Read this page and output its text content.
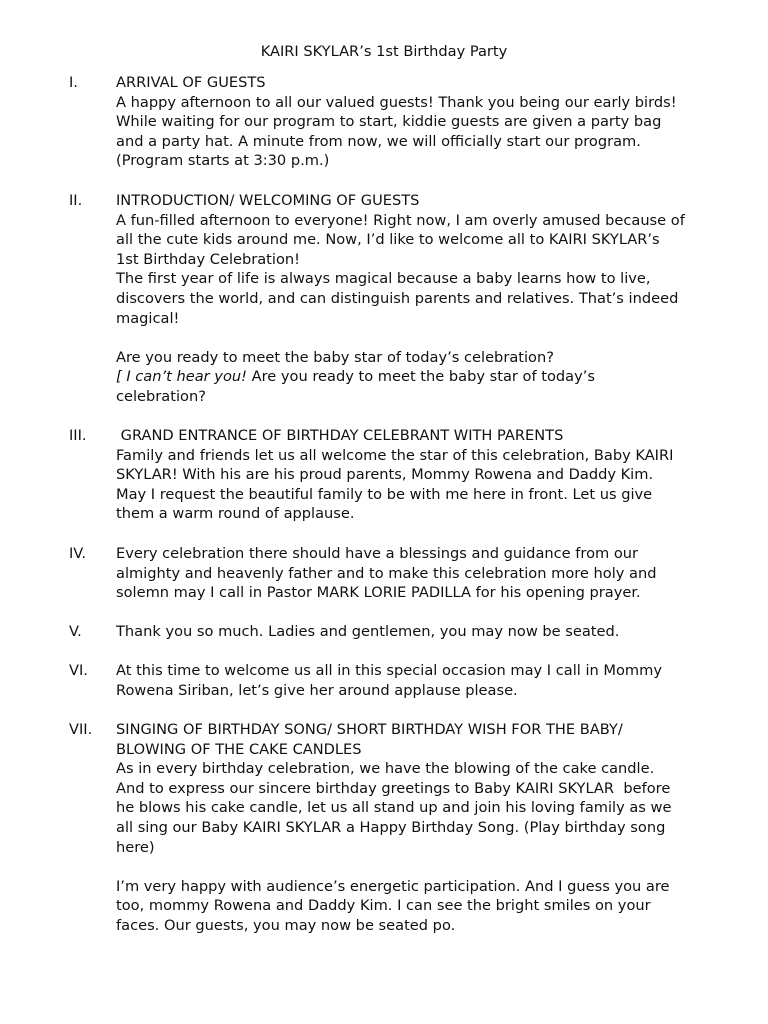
KAIRI SKYLAR’s 1st Birthday Party
I.	ARRIVAL OF GUESTS

A happy afternoon to all our valued guests! Thank you being our early birds!

While waiting for our program to start, kiddie guests are given a party bag

and a party hat. A minute from now, we will officially start our program.

(Program starts at 3:30 p.m.)

II. INTRODUCTION/ WELCOMING OF GUESTS

A fun-filled afternoon to everyone! Right now, I am overly amused because of

all the cute kids around me. Now, I’d like to welcome all to KAIRI SKYLAR’s

1st Birthday Celebration!

The first year of life is always magical because a baby learns how to live,

discovers the world, and can distinguish parents and relatives. That’s indeed

magical!

Are you ready to meet the baby star of today’s celebration?

[ I can’t hear you! Are you ready to meet the baby star of today’s

celebration?

III. GRAND ENTRANCE OF BIRTHDAY CELEBRANT WITH PARENTS

Family and friends let us all welcome the star of this celebration, Baby KAIRI

SKYLAR! With his are his proud parents, Mommy Rowena and Daddy Kim.

May I request the beautiful family to be with me here in front. Let us give

them a warm round of applause.

IV. Every celebration there should have a blessings and guidance from our

almighty and heavenly father and to make this celebration more holy and

solemn may I call in Pastor MARK LORIE PADILLA for his opening prayer.

V. Thank you so much. Ladies and gentlemen, you may now be seated.

VI. At this time to welcome us all in this special occasion may I call in Mommy

Rowena Siriban, let’s give her around applause please.

VII. SINGING OF BIRTHDAY SONG/ SHORT BIRTHDAY WISH FOR THE BABY/

BLOWING OF THE CAKE CANDLES

As in every birthday celebration, we have the blowing of the cake candle.

And to express our sincere birthday greetings to Baby KAIRI SKYLAR  before

he blows his cake candle, let us all stand up and join his loving family as we

all sing our Baby KAIRI SKYLAR a Happy Birthday Song. (Play birthday song

here)

I’m very happy with audience’s energetic participation. And I guess you are

too, mommy Rowena and Daddy Kim. I can see the bright smiles on your

faces. Our guests, you may now be seated po.
